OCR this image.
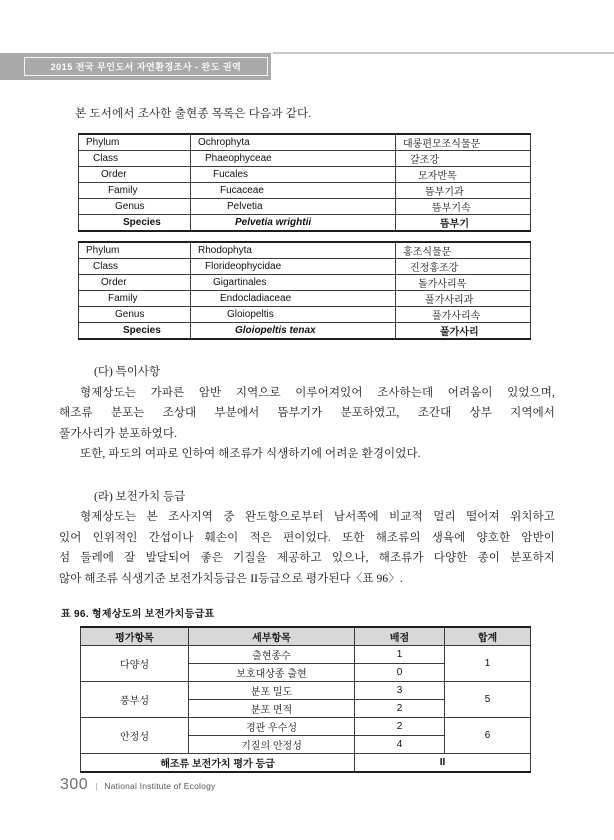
2015 전국 무인도서 자연환경조사 - 완도 권역
본 도서에서 조사한 출현종 목록은 다음과 같다.
Phylum	Ochrophyta	대롱편모조식물문
Class	Phaeophyceae	갈조강
Order	Fucales	모자반목
Family	Fucaceae	뜸부기과
Genus	Pelvetia	뜸부기속
Species	Pelvetia wrightii	뜸부기
Phylum	Rhodophyta	홍조식물문
Class	Florideophycidae	진정홍조강
Order	Gigartinales	돌가사리목
Family	Endocladiaceae	풀가사리과
Genus	Gloiopeltis	풀가사리속
Species	Gloiopeltis tenax	풀가사리
(다) 특이사항
형제상도는 가파른 암반 지역으로 이루어져있어 조사하는데 어려움이 있었으며,
해조류 분포는 조상대 부분에서 뜸부기가 분포하였고, 조간대 상부 지역에서
풀가사리가 분포하였다.
또한, 파도의 여파로 인하여 해조류가 식생하기에 어려운 환경이었다.
(라) 보전가치 등급
형제상도는 본 조사지역 중 완도항으로부터 남서쪽에 비교적 멀리 떨어져 위치하고
있어 인위적인 간섭이나 훼손이 적은 편이었다. 또한 해조류의 생육에 양호한 암반이
섬 둘레에 잘 발달되어 좋은 기질을 제공하고 있으나, 해조류가 다양한 종이 분포하지
않아 해조류 식생기준 보전가치등급은 II등급으로 평가된다〈표 96〉.
표 96. 형제상도의 보전가치등급표
평가항목	세부항목	배점	합계
다양성	출현종수	1	1
	보호대상종 출현	0	
풍부성	분포 밀도	3	5
	분포 면적	2	
안정성	경관 우수성	2	6
	기질의 안정성	4	
해조류 보전가치 평가 등급		II	
300 | National Institute of Ecology
